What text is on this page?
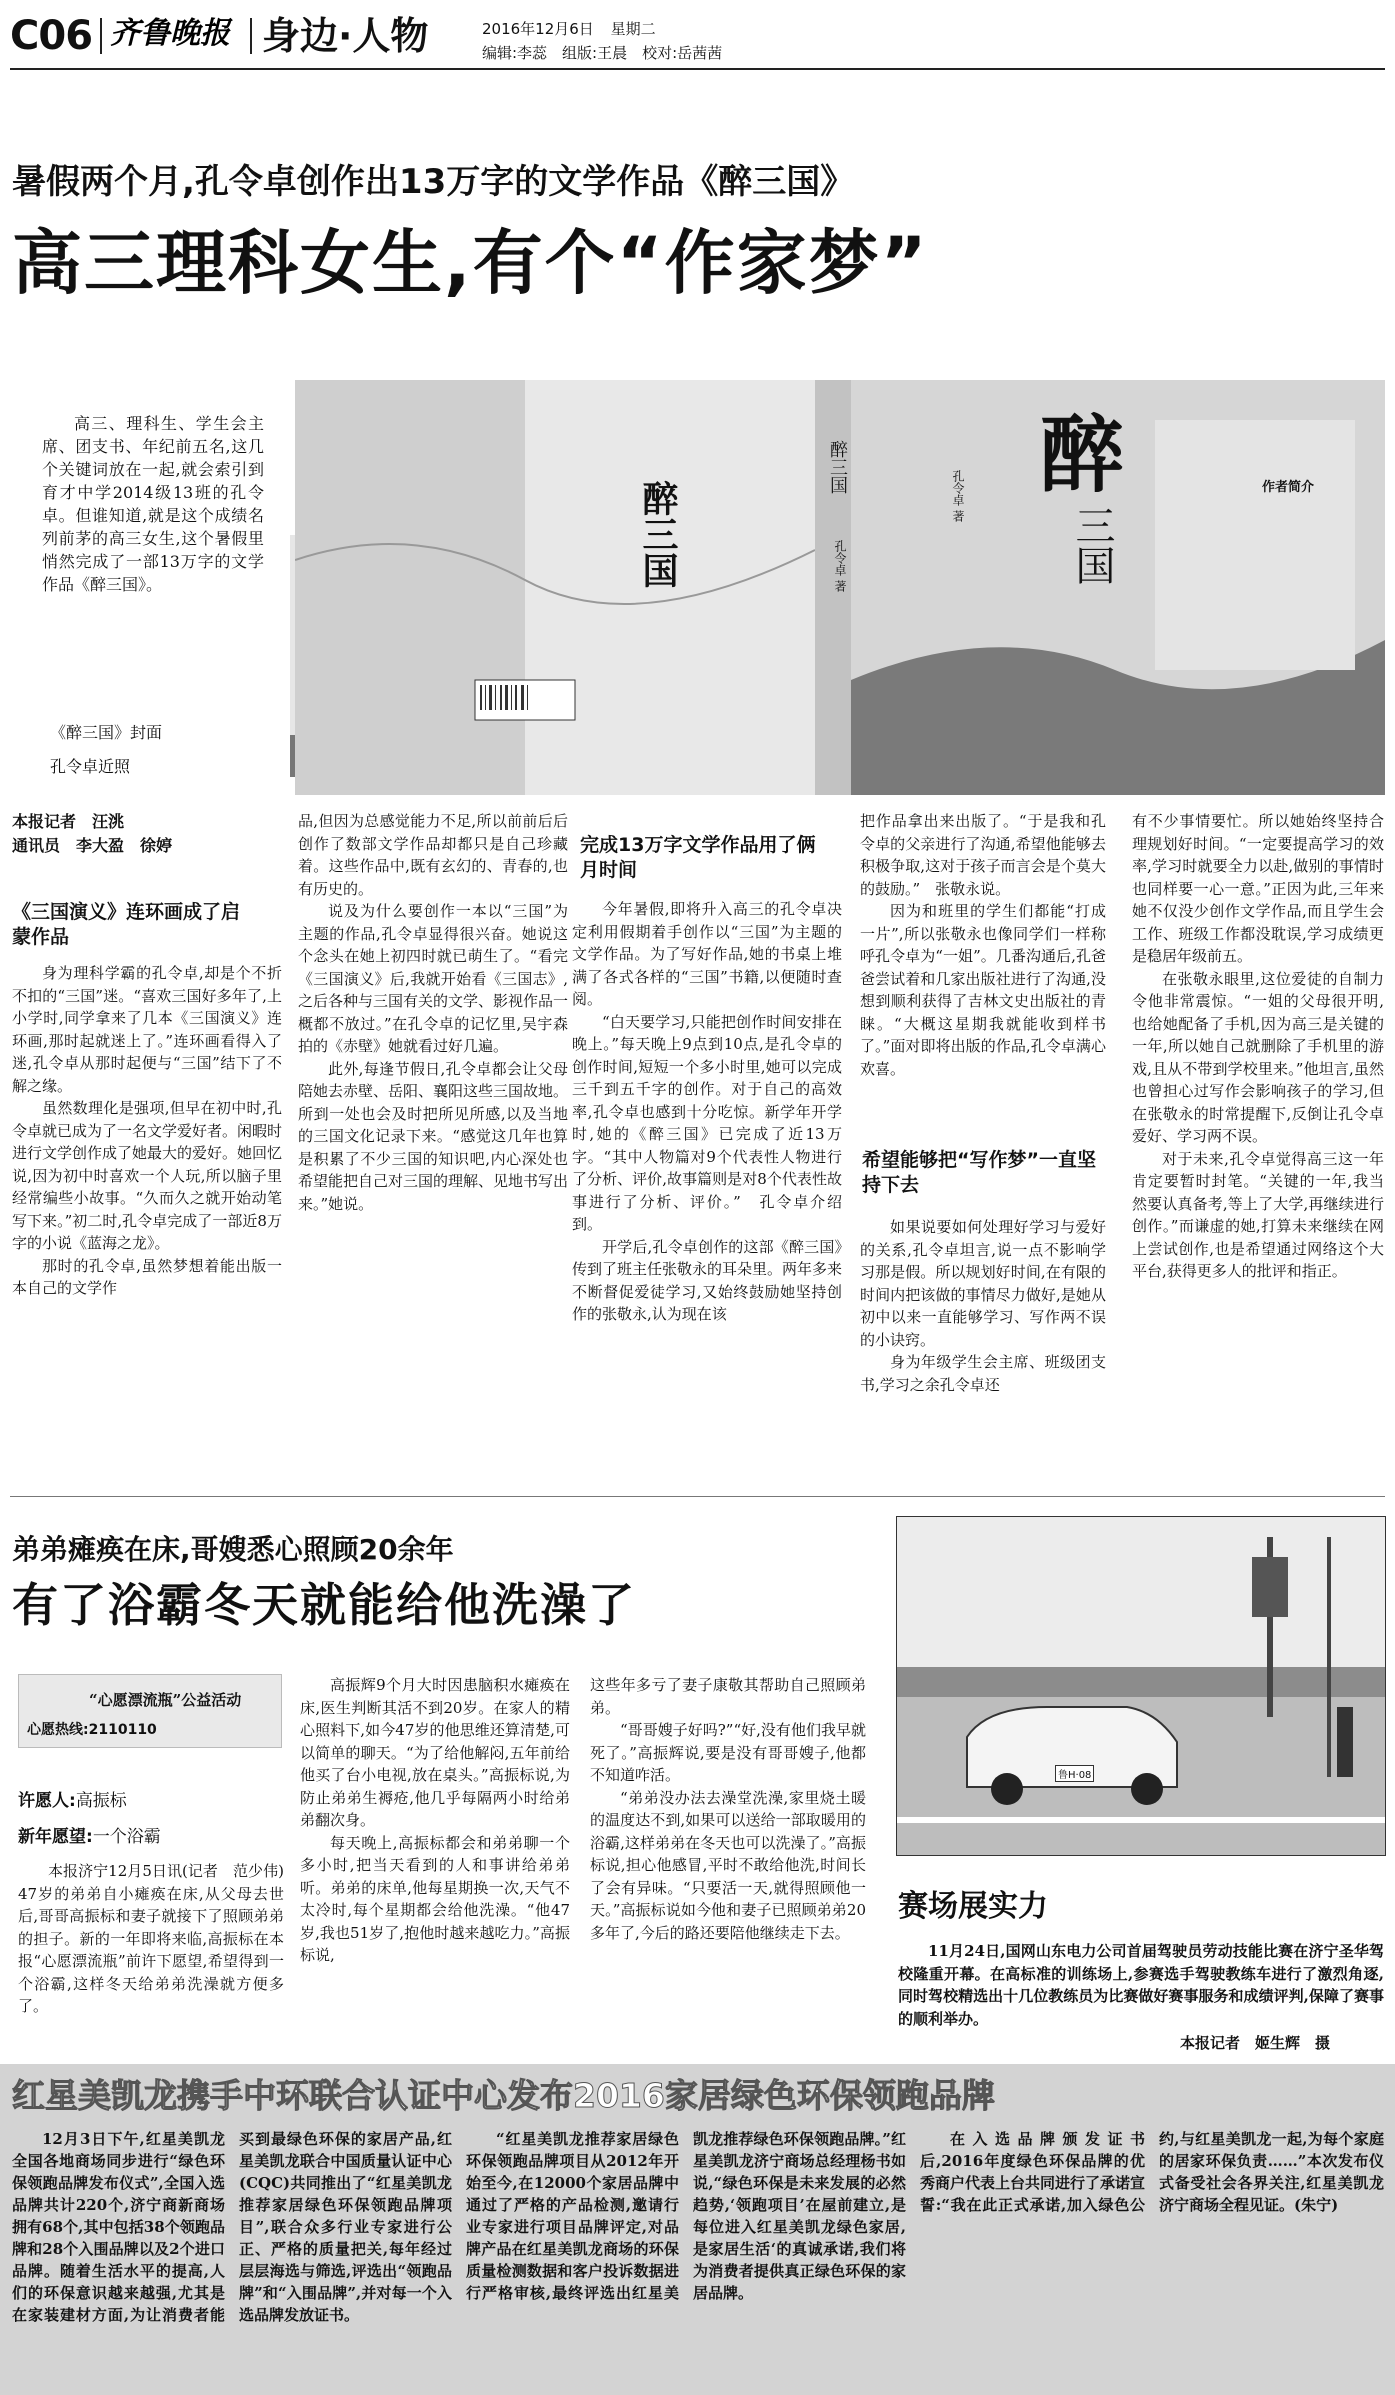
C06 齐鲁晚报 身边·人物	2016年12月6日 星期二
编辑:李蕊　组版:王晨　校对:岳茜茜
暑假两个月,孔令卓创作出13万字的文学作品《醉三国》
高三理科女生,有个“作家梦”

高三、理科生、学生会主席、团支书、年纪前五名,这几个关键词放在一起,就会索引到育才中学2014级13班的孔令卓。但谁知道,就是这个成绩名列前茅的高三女生,这个暑假里悄然完成了一部13万字的文学作品《醉三国》。

《醉三国》封面
孔令卓近照
醉三国
醉三国
孔令卓 著
醉
三国
孔令卓 著	作者简介
本报记者　汪洮
通讯员　李大盈　徐婷
《三国演义》连环画成了启蒙作品

身为理科学霸的孔令卓,却是个不折不扣的“三国”迷。“喜欢三国好多年了,上小学时,同学拿来了几本《三国演义》连环画,那时起就迷上了。”连环画看得入了迷,孔令卓从那时起便与“三国”结下了不解之缘。

虽然数理化是强项,但早在初中时,孔令卓就已成为了一名文学爱好者。闲暇时进行文学创作成了她最大的爱好。她回忆说,因为初中时喜欢一个人玩,所以脑子里经常编些小故事。“久而久之就开始动笔写下来。”初二时,孔令卓完成了一部近8万字的小说《蓝海之龙》。

那时的孔令卓,虽然梦想着能出版一本自己的文学作

品,但因为总感觉能力不足,所以前前后后创作了数部文学作品却都只是自己珍藏着。这些作品中,既有玄幻的、青春的,也有历史的。

说及为什么要创作一本以“三国”为主题的作品,孔令卓显得很兴奋。她说这个念头在她上初四时就已萌生了。“看完《三国演义》后,我就开始看《三国志》,之后各种与三国有关的文学、影视作品一概都不放过。”在孔令卓的记忆里,吴宇森拍的《赤壁》她就看过好几遍。

此外,每逢节假日,孔令卓都会让父母陪她去赤壁、岳阳、襄阳这些三国故地。所到一处也会及时把所见所感,以及当地的三国文化记录下来。“感觉这几年也算是积累了不少三国的知识吧,内心深处也希望能把自己对三国的理解、见地书写出来。”她说。

完成13万字文学作品用了俩月时间

今年暑假,即将升入高三的孔令卓决定利用假期着手创作以“三国”为主题的文学作品。为了写好作品,她的书桌上堆满了各式各样的“三国”书籍,以便随时查阅。

“白天要学习,只能把创作时间安排在晚上。”每天晚上9点到10点,是孔令卓的创作时间,短短一个多小时里,她可以完成三千到五千字的创作。对于自己的高效率,孔令卓也感到十分吃惊。新学年开学时,她的《醉三国》已完成了近13万字。“其中人物篇对9个代表性人物进行了分析、评价,故事篇则是对8个代表性故事进行了分析、评价。”　孔令卓介绍到。

开学后,孔令卓创作的这部《醉三国》传到了班主任张敬永的耳朵里。两年多来不断督促爱徒学习,又始终鼓励她坚持创作的张敬永,认为现在该

把作品拿出来出版了。“于是我和孔令卓的父亲进行了沟通,希望他能够去积极争取,这对于孩子而言会是个莫大的鼓励。”　张敬永说。

因为和班里的学生们都能“打成一片”,所以张敬永也像同学们一样称呼孔令卓为“一姐”。几番沟通后,孔爸爸尝试着和几家出版社进行了沟通,没想到顺利获得了吉林文史出版社的青睐。“大概这星期我就能收到样书了。”面对即将出版的作品,孔令卓满心欢喜。

希望能够把“写作梦”一直坚持下去

如果说要如何处理好学习与爱好的关系,孔令卓坦言,说一点不影响学习那是假。所以规划好时间,在有限的时间内把该做的事情尽力做好,是她从初中以来一直能够学习、写作两不误的小诀窍。

身为年级学生会主席、班级团支书,学习之余孔令卓还

有不少事情要忙。所以她始终坚持合理规划好时间。“一定要提高学习的效率,学习时就要全力以赴,做别的事情时也同样要一心一意。”正因为此,三年来她不仅没少创作文学作品,而且学生会工作、班级工作都没耽误,学习成绩更是稳居年级前五。

在张敬永眼里,这位爱徒的自制力令他非常震惊。“一姐的父母很开明,也给她配备了手机,因为高三是关键的一年,所以她自己就删除了手机里的游戏,且从不带到学校里来。”他坦言,虽然也曾担心过写作会影响孩子的学习,但在张敬永的时常提醒下,反倒让孔令卓爱好、学习两不误。

对于未来,孔令卓觉得高三这一年肯定要暂时封笔。“关键的一年,我当然要认真备考,等上了大学,再继续进行创作。”而谦虚的她,打算未来继续在网上尝试创作,也是希望通过网络这个大平台,获得更多人的批评和指正。

弟弟瘫痪在床,哥嫂悉心照顾20余年
有了浴霸冬天就能给他洗澡了
“心愿漂流瓶”公益活动
心愿热线:2110110
许愿人:高振标
新年愿望:一个浴霸

本报济宁12月5日讯(记者　范少伟)　47岁的弟弟自小瘫痪在床,从父母去世后,哥哥高振标和妻子就接下了照顾弟弟的担子。新的一年即将来临,高振标在本报“心愿漂流瓶”前许下愿望,希望得到一个浴霸,这样冬天给弟弟洗澡就方便多了。

高振辉9个月大时因患脑积水瘫痪在床,医生判断其活不到20岁。在家人的精心照料下,如今47岁的他思维还算清楚,可以简单的聊天。“为了给他解闷,五年前给他买了台小电视,放在桌头。”高振标说,为防止弟弟生褥疮,他几乎每隔两小时给弟弟翻次身。

每天晚上,高振标都会和弟弟聊一个多小时,把当天看到的人和事讲给弟弟听。弟弟的床单,他每星期换一次,天气不太冷时,每个星期都会给他洗澡。“他47岁,我也51岁了,抱他时越来越吃力。”高振标说,

这些年多亏了妻子康敬其帮助自己照顾弟弟。

“哥哥嫂子好吗?”“好,没有他们我早就死了。”高振辉说,要是没有哥哥嫂子,他都不知道咋活。

“弟弟没办法去澡堂洗澡,家里烧土暖的温度达不到,如果可以送给一部取暖用的浴霸,这样弟弟在冬天也可以洗澡了。”高振标说,担心他感冒,平时不敢给他洗,时间长了会有异味。“只要活一天,就得照顾他一天。”高振标说如今他和妻子已照顾弟弟20多年了,今后的路还要陪他继续走下去。

鲁H·08
赛场展实力

11月24日,国网山东电力公司首届驾驶员劳动技能比赛在济宁圣华驾校隆重开幕。在高标准的训练场上,参赛选手驾驶教练车进行了激烈角逐,同时驾校精选出十几位教练员为比赛做好赛事服务和成绩评判,保障了赛事的顺利举办。

本报记者　姬生辉　摄
红星美凯龙携手中环联合认证中心发布2016家居绿色环保领跑品牌

12月3日下午,红星美凯龙全国各地商场同步进行“绿色环保领跑品牌发布仪式”,全国入选品牌共计220个,济宁商新商场拥有68个,其中包括38个领跑品牌和28个入围品牌以及2个进口品牌。随着生活水平的提高,人们的环保意识越来越强,尤其是在家装建材方面,为让消费者能买到最绿色环保的家居产品,红星美凯龙联合中国质量认证中心(CQC)共同推出了“红星美凯龙推荐家居绿色环保领跑品牌项目”,联合众多行业专家进行公正、严格的质量把关,每年经过层层海选与筛选,评选出“领跑品牌”和“入围品牌”,并对每一个入选品牌发放证书。

“红星美凯龙推荐家居绿色环保领跑品牌项目从2012年开始至今,在12000个家居品牌中通过了严格的产品检测,邀请行业专家进行项目品牌评定,对品牌产品在红星美凯龙商场的环保质量检测数据和客户投诉数据进行严格审核,最终评选出红星美凯龙推荐绿色环保领跑品牌。”红星美凯龙济宁商场总经理杨书如说,“绿色环保是未来发展的必然趋势,‘领跑项目’在屋前建立,是每位进入红星美凯龙绿色家居,是家居生活‘的真诚承诺,我们将为消费者提供真正绿色环保的家居品牌。

在入选品牌颁发证书后,2016年度绿色环保品牌的优秀商户代表上台共同进行了承诺宣誓:“我在此正式承诺,加入绿色公约,与红星美凯龙一起,为每个家庭的居家环保负责……”本次发布仪式备受社会各界关注,红星美凯龙济宁商场全程见证。(朱宁)
